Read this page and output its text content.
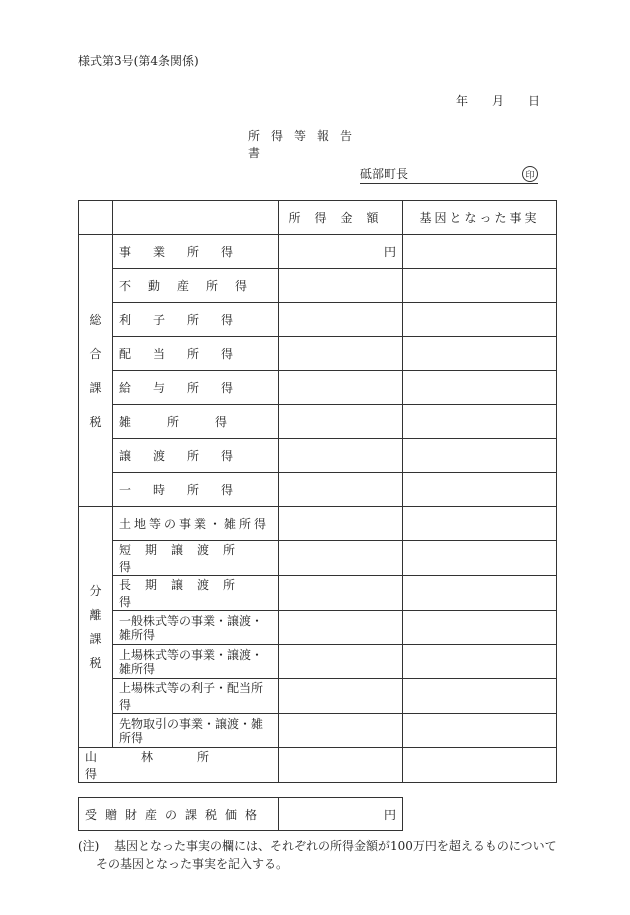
様式第3号(第4条関係)
年 月 日
所得等報告書
砥部町長	印
		所得金額	基因となった事実

総合課税	事業所得	円	
	不動産所得		
	利子所得		
	配当所得		
	給与所得		
	雑所得		
	譲渡所得		
	一時所得		

分離課税	土地等の事業・雑所得		
	短期譲渡所得		
	長期譲渡所得		
	一般株式等の事業・譲渡・雑所得		
	上場株式等の事業・譲渡・雑所得		
	上場株式等の利子・配当所得		
	先物取引の事業・譲渡・雑所得		
山林所得			
受贈財産の課税価格	円
(注)	基因となった事実の欄には、それぞれの所得金額が100万円を超えるものについて
その基因となった事実を記入する。
